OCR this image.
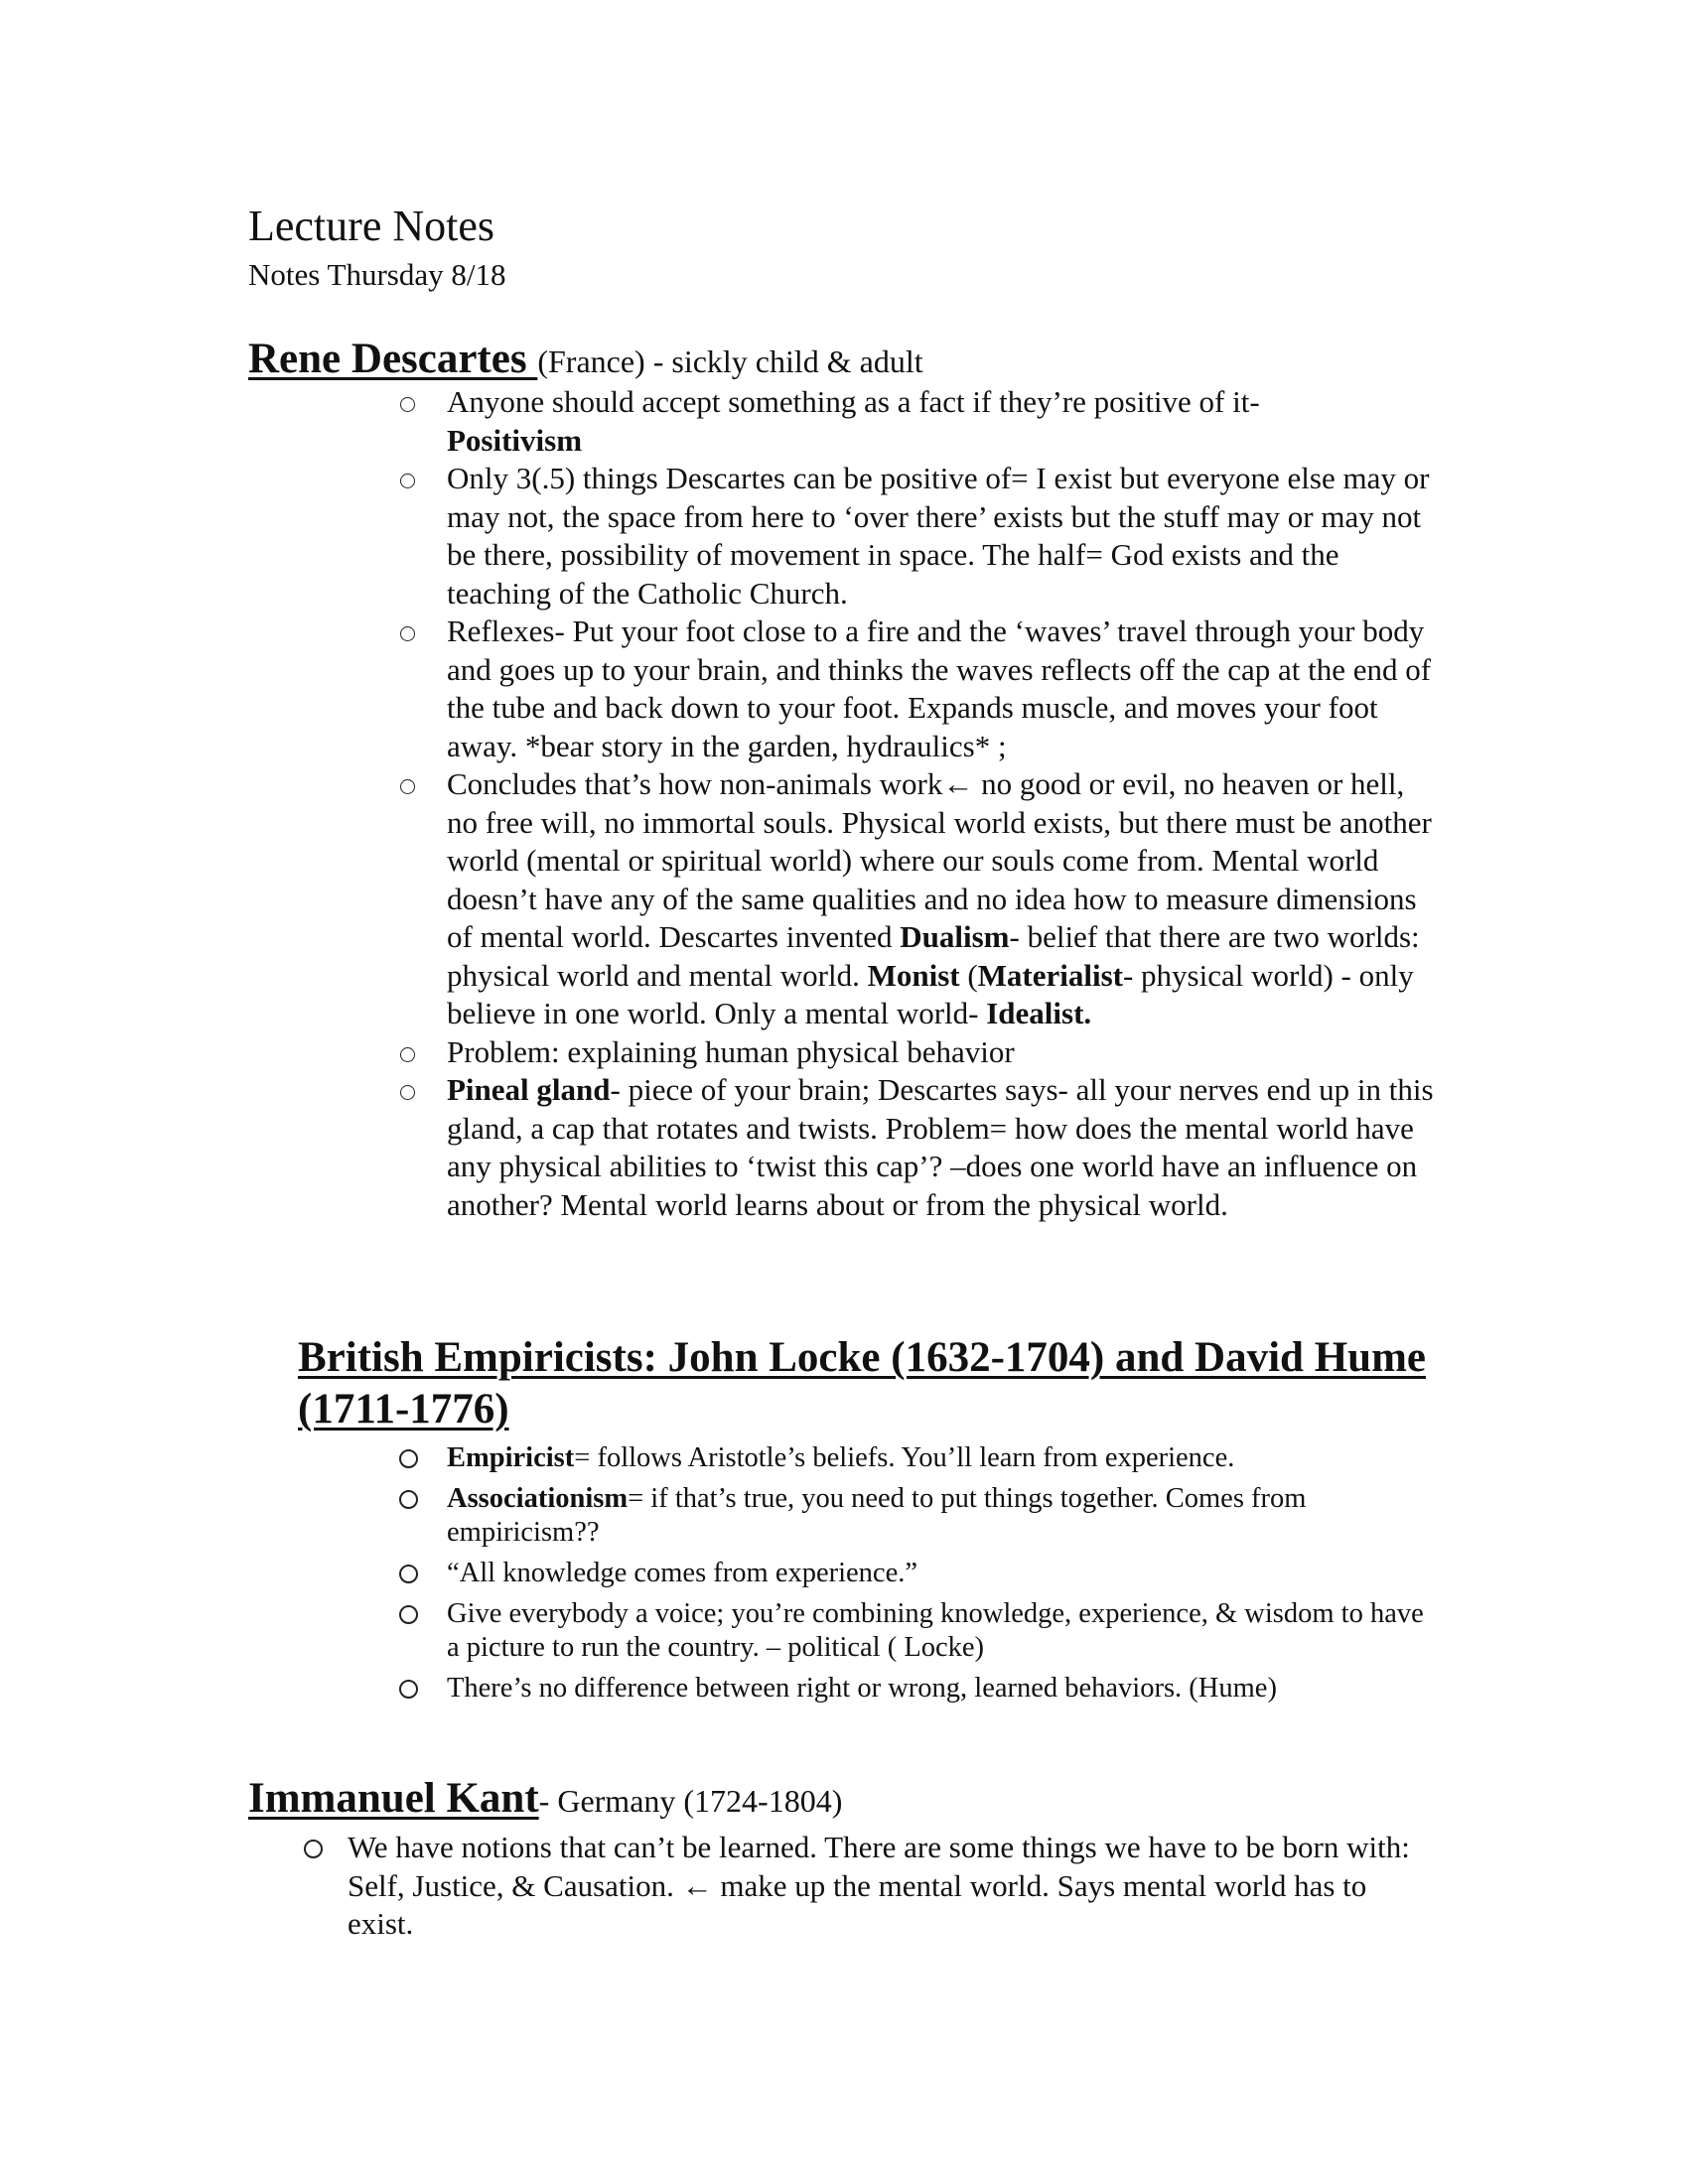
Lecture Notes
Notes Thursday 8/18
Rene Descartes (France) - sickly child & adult
Anyone should accept something as a fact if they’re positive of it-
Positivism
Only 3(.5) things Descartes can be positive of= I exist but everyone else may or may not, the space from here to ‘over there’ exists but the stuff may or may not be there, possibility of movement in space. The half= God exists and the teaching of the Catholic Church.
Reflexes- Put your foot close to a fire and the ‘waves’ travel through your body and goes up to your brain, and thinks the waves reflects off the cap at the end of the tube and back down to your foot. Expands muscle, and moves your foot away. *bear story in the garden, hydraulics* ;
Concludes that’s how non-animals work← no good or evil, no heaven or hell, no free will, no immortal souls. Physical world exists, but there must be another world (mental or spiritual world) where our souls come from. Mental world doesn’t have any of the same qualities and no idea how to measure dimensions of mental world. Descartes invented Dualism- belief that there are two worlds: physical world and mental world. Monist (Materialist- physical world) - only believe in one world. Only a mental world- Idealist.
Problem: explaining human physical behavior
Pineal gland- piece of your brain; Descartes says- all your nerves end up in this gland, a cap that rotates and twists. Problem= how does the mental world have any physical abilities to ‘twist this cap’? –does one world have an influence on another? Mental world learns about or from the physical world.
British Empiricists: John Locke (1632-1704) and David Hume (1711-1776)
Empiricist= follows Aristotle’s beliefs. You’ll learn from experience.
Associationism= if that’s true, you need to put things together. Comes from empiricism??
“All knowledge comes from experience.”
Give everybody a voice; you’re combining knowledge, experience, & wisdom to have a picture to run the country. – political ( Locke)
There’s no difference between right or wrong, learned behaviors. (Hume)
Immanuel Kant- Germany (1724-1804)
We have notions that can’t be learned. There are some things we have to be born with: Self, Justice, & Causation. ← make up the mental world. Says mental world has to exist.
